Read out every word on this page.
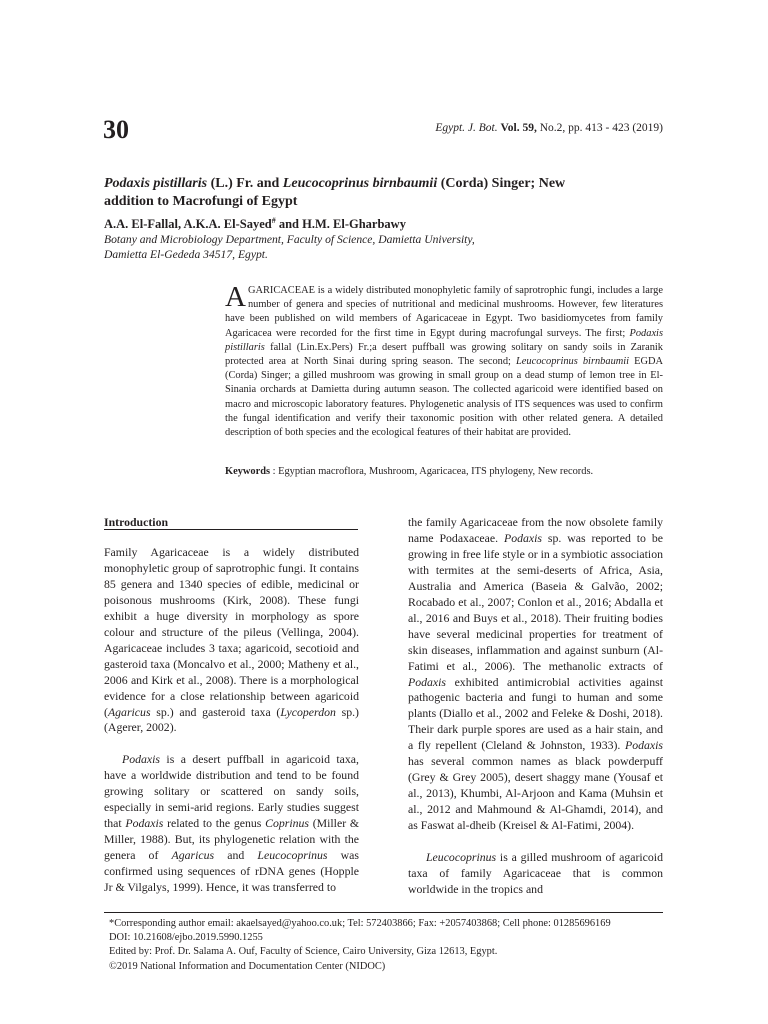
30	Egypt. J. Bot. Vol. 59, No.2, pp. 413 - 423 (2019)
Podaxis pistillaris (L.) Fr. and Leucocoprinus birnbaumii (Corda) Singer; New addition to Macrofungi of Egypt
A.A. El-Fallal, A.K.A. El-Sayed# and H.M. El-Gharbawy
Botany and Microbiology Department, Faculty of Science, Damietta University,
Damietta El-Gededa 34517, Egypt.
AGARICACEAE is a widely distributed monophyletic family of saprotrophic fungi, includes a large number of genera and species of nutritional and medicinal mushrooms. However, few literatures have been published on wild members of Agaricaceae in Egypt. Two basidiomycetes from family Agaricacea were recorded for the first time in Egypt during macrofungal surveys. The first; Podaxis pistillaris fallal (Lin.Ex.Pers) Fr.;a desert puffball was growing solitary on sandy soils in Zaranik protected area at North Sinai during spring season. The second; Leucocoprinus birnbaumii EGDA (Corda) Singer; a gilled mushroom was growing in small group on a dead stump of lemon tree in El-Sinania orchards at Damietta during autumn season. The collected agaricoid were identified based on macro and microscopic laboratory features. Phylogenetic analysis of ITS sequences was used to confirm the fungal identification and verify their taxonomic position with other related genera. A detailed description of both species and the ecological features of their habitat are provided.
Keywords : Egyptian macroflora, Mushroom, Agaricacea, ITS phylogeny, New records.
Introduction

Family Agaricaceae is a widely distributed monophyletic group of saprotrophic fungi. It contains 85 genera and 1340 species of edible, medicinal or poisonous mushrooms (Kirk, 2008). These fungi exhibit a huge diversity in morphology as spore colour and structure of the pileus (Vellinga, 2004). Agaricaceae includes 3 taxa; agaricoid, secotioid and gasteroid taxa (Moncalvo et al., 2000; Matheny et al., 2006 and Kirk et al., 2008). There is a morphological evidence for a close relationship between agaricoid (Agaricus sp.) and gasteroid taxa (Lycoperdon sp.) (Agerer, 2002).

Podaxis is a desert puffball in agaricoid taxa, have a worldwide distribution and tend to be found growing solitary or scattered on sandy soils, especially in semi-arid regions. Early studies suggest that Podaxis related to the genus Coprinus (Miller & Miller, 1988). But, its phylogenetic relation with the genera of Agaricus and Leucocoprinus was confirmed using sequences of rDNA genes (Hopple Jr & Vilgalys, 1999). Hence, it was transferred to

the family Agaricaceae from the now obsolete family name Podaxaceae. Podaxis sp. was reported to be growing in free life style or in a symbiotic association with termites at the semi-deserts of Africa, Asia, Australia and America (Baseia & Galvão, 2002; Rocabado et al., 2007; Conlon et al., 2016; Abdalla et al., 2016 and Buys et al., 2018). Their fruiting bodies have several medicinal properties for treatment of skin diseases, inflammation and against sunburn (Al-Fatimi et al., 2006). The methanolic extracts of Podaxis exhibited antimicrobial activities against pathogenic bacteria and fungi to human and some plants (Diallo et al., 2002 and Feleke & Doshi, 2018). Their dark purple spores are used as a hair stain, and a fly repellent (Cleland & Johnston, 1933). Podaxis has several common names as black powderpuff (Grey & Grey 2005), desert shaggy mane (Yousaf et al., 2013), Khumbi, Al-Arjoon and Kama (Muhsin et al., 2012 and Mahmound & Al-Ghamdi, 2014), and as Faswat al-dheib (Kreisel & Al-Fatimi, 2004).

Leucocoprinus is a gilled mushroom of agaricoid taxa of family Agaricaceae that is common worldwide in the tropics and

*Corresponding author email: akaelsayed@yahoo.co.uk; Tel: 572403866; Fax: +2057403868; Cell phone: 01285696169
DOI: 10.21608/ejbo.2019.5990.1255
Edited by: Prof. Dr. Salama A. Ouf, Faculty of Science, Cairo University, Giza 12613, Egypt.
©2019 National Information and Documentation Center (NIDOC)
